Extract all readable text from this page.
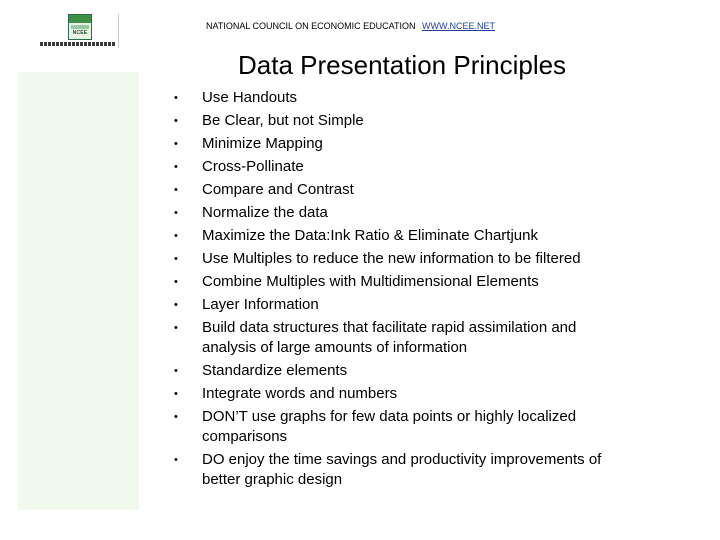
NCEE
NATIONAL COUNCIL ON ECONOMIC EDUCATION WWW.NCEE.NET
Data Presentation Principles
• Use Handouts
• Be Clear, but not Simple
• Minimize Mapping
• Cross-Pollinate
• Compare and Contrast
• Normalize the data
• Maximize the Data:Ink Ratio & Eliminate Chartjunk
• Use Multiples to reduce the new information to be filtered
• Combine Multiples with Multidimensional Elements
• Layer Information
• Build data structures that facilitate rapid assimilation and analysis of large amounts of information
• Standardize elements
• Integrate words and numbers
• DON’T use graphs for few data points or highly localized comparisons
• DO enjoy the time savings and productivity improvements of better graphic design
